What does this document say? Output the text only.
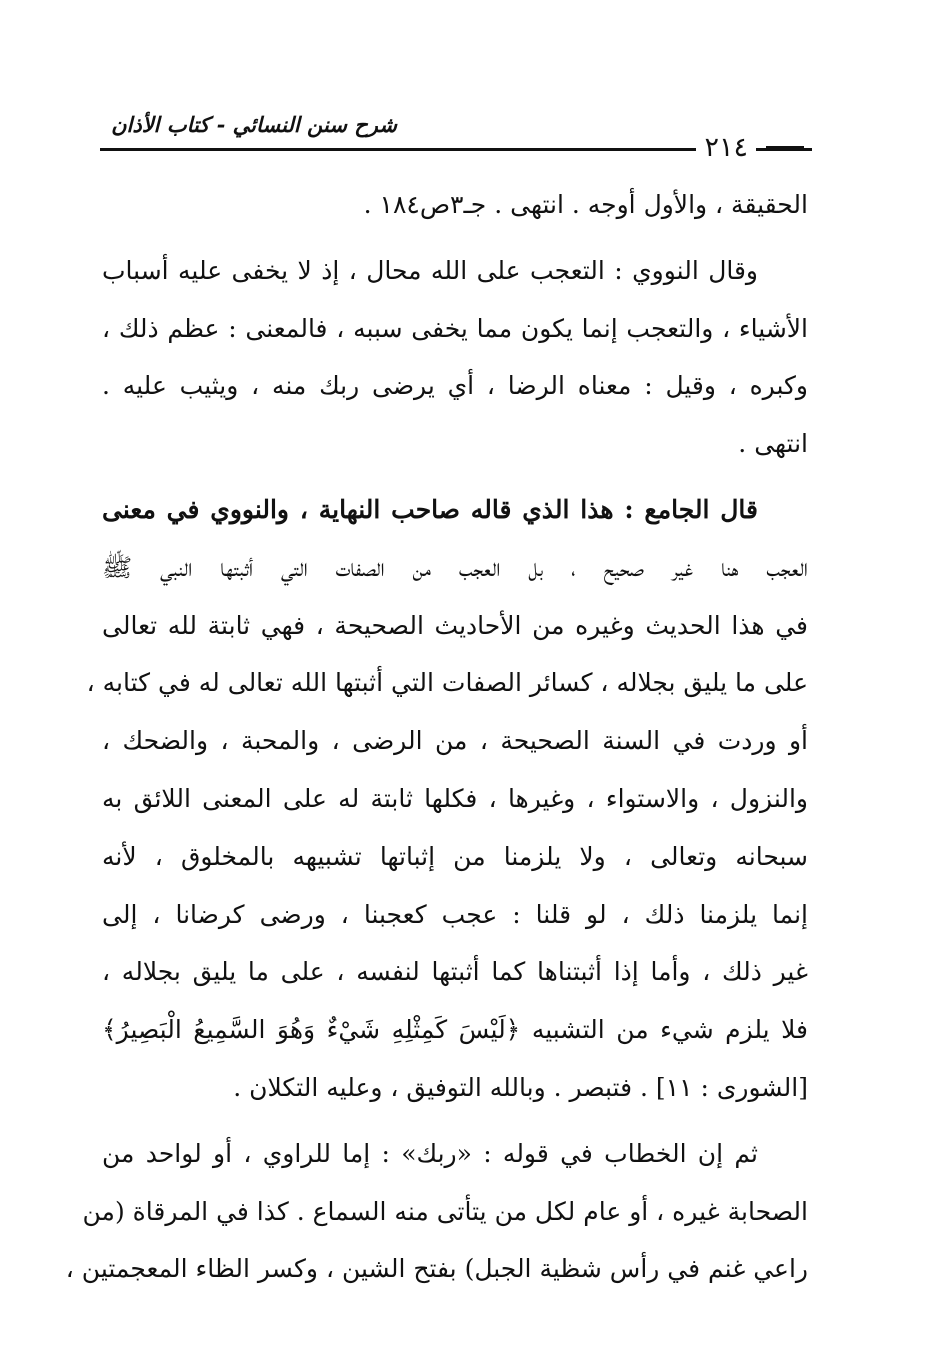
شرح سنن النسائي - كتاب الأذان
٢١٤

الحقيقة ، والأول أوجه . انتهى . جـ٣ص١٨٤ .

وقال النووي : التعجب على الله محال ، إذ لا يخفى عليه أسباب
الأشياء ، والتعجب إنما يكون مما يخفى سببه ، فالمعنى : عظم ذلك ،
وكبره ، وقيل : معناه الرضا ، أي يرضى ربك منه ، ويثيب عليه .
انتهى .

قال الجامع : هذا الذي قاله صاحب النهاية ، والنووي في معنى
العجب هنا غير صحيح ، بل العجب من الصفات التي أثبتها النبي ﷺ
في هذا الحديث وغيره من الأحاديث الصحيحة ، فهي ثابتة لله تعالى
على ما يليق بجلاله ، كسائر الصفات التي أثبتها الله تعالى له في كتابه ،
أو وردت في السنة الصحيحة ، من الرضى ، والمحبة ، والضحك ،
والنزول ، والاستواء ، وغيرها ، فكلها ثابتة له على المعنى اللائق به
سبحانه وتعالى ، ولا يلزمنا من إثباتها تشبيهه بالمخلوق ، لأنه
إنما يلزمنا ذلك ، لو قلنا : عجب كعجبنا ، ورضى كرضانا ، إلى
غير ذلك ، وأما إذا أثبتناها كما أثبتها لنفسه ، على ما يليق بجلاله ،
فلا يلزم شيء من التشبيه ﴿لَيْسَ كَمِثْلِهِ شَيْءٌ وَهُوَ السَّمِيعُ الْبَصِيرُ﴾
[الشورى : ١١] . فتبصر . وبالله التوفيق ، وعليه التكلان .

ثم إن الخطاب في قوله : «ربك» : إما للراوي ، أو لواحد من
الصحابة غيره ، أو عام لكل من يتأتى منه السماع . كذا في المرقاة (من
راعي غنم في رأس شظية الجبل) بفتح الشين ، وكسر الظاء المعجمتين ،
